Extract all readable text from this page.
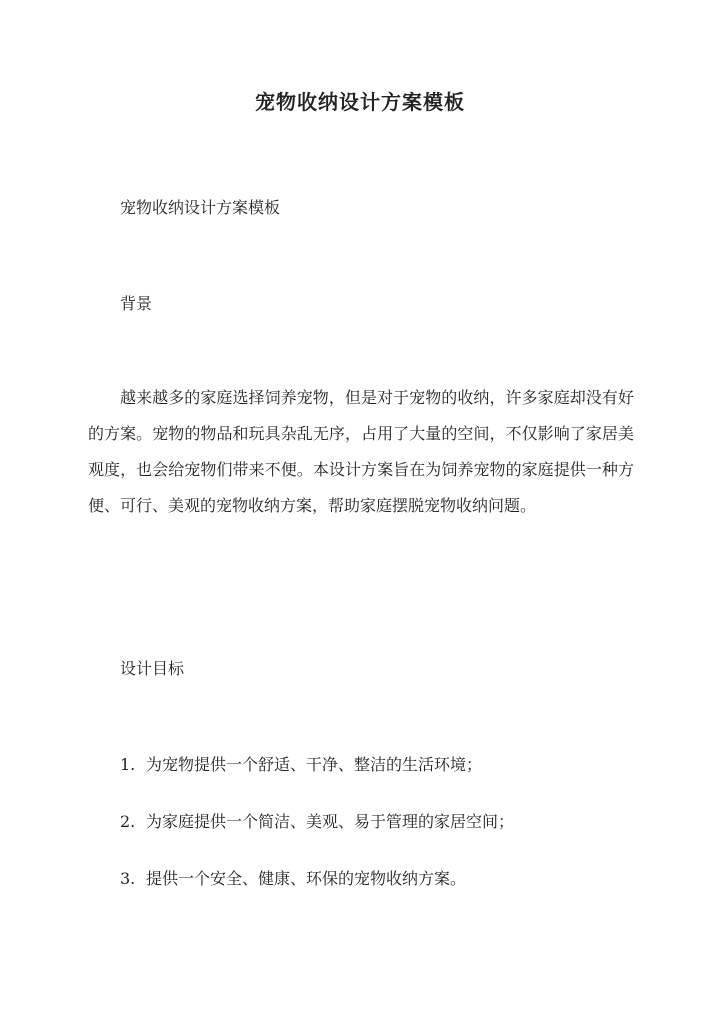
宠物收纳设计方案模板

宠物收纳设计方案模板

背景

越来越多的家庭选择饲养宠物，但是对于宠物的收纳，许多家庭却没有好的方案。宠物的物品和玩具杂乱无序，占用了大量的空间，不仅影响了家居美观度，也会给宠物们带来不便。本设计方案旨在为饲养宠物的家庭提供一种方便、可行、美观的宠物收纳方案，帮助家庭摆脱宠物收纳问题。

设计目标

1. 为宠物提供一个舒适、干净、整洁的生活环境；
2. 为家庭提供一个简洁、美观、易于管理的家居空间；
3. 提供一个安全、健康、环保的宠物收纳方案。
